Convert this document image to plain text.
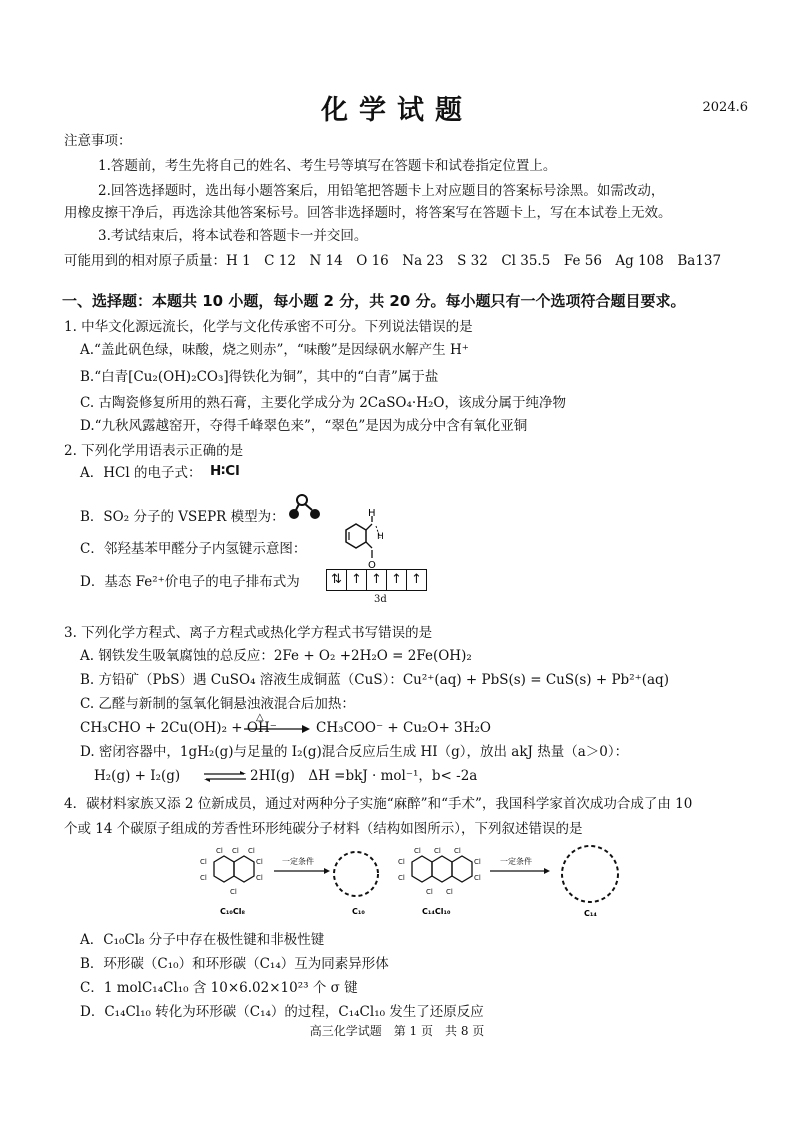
化学试题	2024.6
注意事项：
1.答题前，考生先将自己的姓名、考生号等填写在答题卡和试卷指定位置上。
2.回答选择题时，选出每小题答案后，用铅笔把答题卡上对应题目的答案标号涂黑。如需改动，
用橡皮擦干净后，再选涂其他答案标号。回答非选择题时，将答案写在答题卡上，写在本试卷上无效。
3.考试结束后，将本试卷和答题卡一并交回。
可能用到的相对原子质量：H 1　C 12　N 14　O 16　Na 23　S 32　Cl 35.5　Fe 56　Ag 108　Ba137
一、选择题：本题共 10 小题，每小题 2 分，共 20 分。每小题只有一个选项符合题目要求。
1. 中华文化源远流长，化学与文化传承密不可分。下列说法错误的是
A.“盖此矾色绿，味酸，烧之则赤”，“味酸”是因绿矾水解产生 H⁺
B.“白青[Cu₂(OH)₂CO₃]得铁化为铜”，其中的“白青”属于盐
C. 古陶瓷修复所用的熟石膏，主要化学成分为 2CaSO₄·H₂O，该成分属于纯净物
D.“九秋风露越窑开，夺得千峰翠色来”，“翠色”是因为成分中含有氧化亚铜
2. 下列化学用语表示正确的是
A．HCl 的电子式： H∶Cl
B．SO₂ 分子的 VSEPR 模型为：
C．邻羟基苯甲醛分子内氢键示意图：
H
H
O
D．基态 Fe²⁺价电子的电子排布式为	⇅ ↑ ↑ ↑ ↑
3d
3. 下列化学方程式、离子方程式或热化学方程式书写错误的是
A. 钢铁发生吸氧腐蚀的总反应：2Fe + O₂ +2H₂O = 2Fe(OH)₂
B. 方铅矿（PbS）遇 CuSO₄ 溶液生成铜蓝（CuS）：Cu²⁺(aq) + PbS(s) = CuS(s) + Pb²⁺(aq)
C. 乙醛与新制的氢氧化铜悬浊液混合后加热：
CH₃CHO + 2Cu(OH)₂ + OH⁻
△
CH₃COO⁻ + Cu₂O+ 3H₂O
D. 密闭容器中，1gH₂(g)与足量的 I₂(g)混合反应后生成 HI（g），放出 akJ 热量（a＞0）：
H₂(g) + I₂(g) ⇌ 2HI(g)　ΔH =bkJ · mol⁻¹，b< -2a
4．碳材料家族又添 2 位新成员，通过对两种分子实施“麻醉”和“手术”，我国科学家首次成功合成了由 10
个或 14 个碳原子组成的芳香性环形纯碳分子材料（结构如图所示），下列叙述错误的是
Cl Cl Cl
Cl
Cl
Cl
Cl
Cl
C₁₀Cl₈
一定条件
C₁₀
Cl Cl Cl
Cl
Cl
Cl
Cl
Cl Cl
C₁₄Cl₁₀
一定条件
C₁₄
A．C₁₀Cl₈ 分子中存在极性键和非极性键
B．环形碳（C₁₀）和环形碳（C₁₄）互为同素异形体
C．1 molC₁₄Cl₁₀ 含 10×6.02×10²³ 个 σ 键
D．C₁₄Cl₁₀ 转化为环形碳（C₁₄）的过程，C₁₄Cl₁₀ 发生了还原反应
高三化学试题　第 1 页　共 8 页
